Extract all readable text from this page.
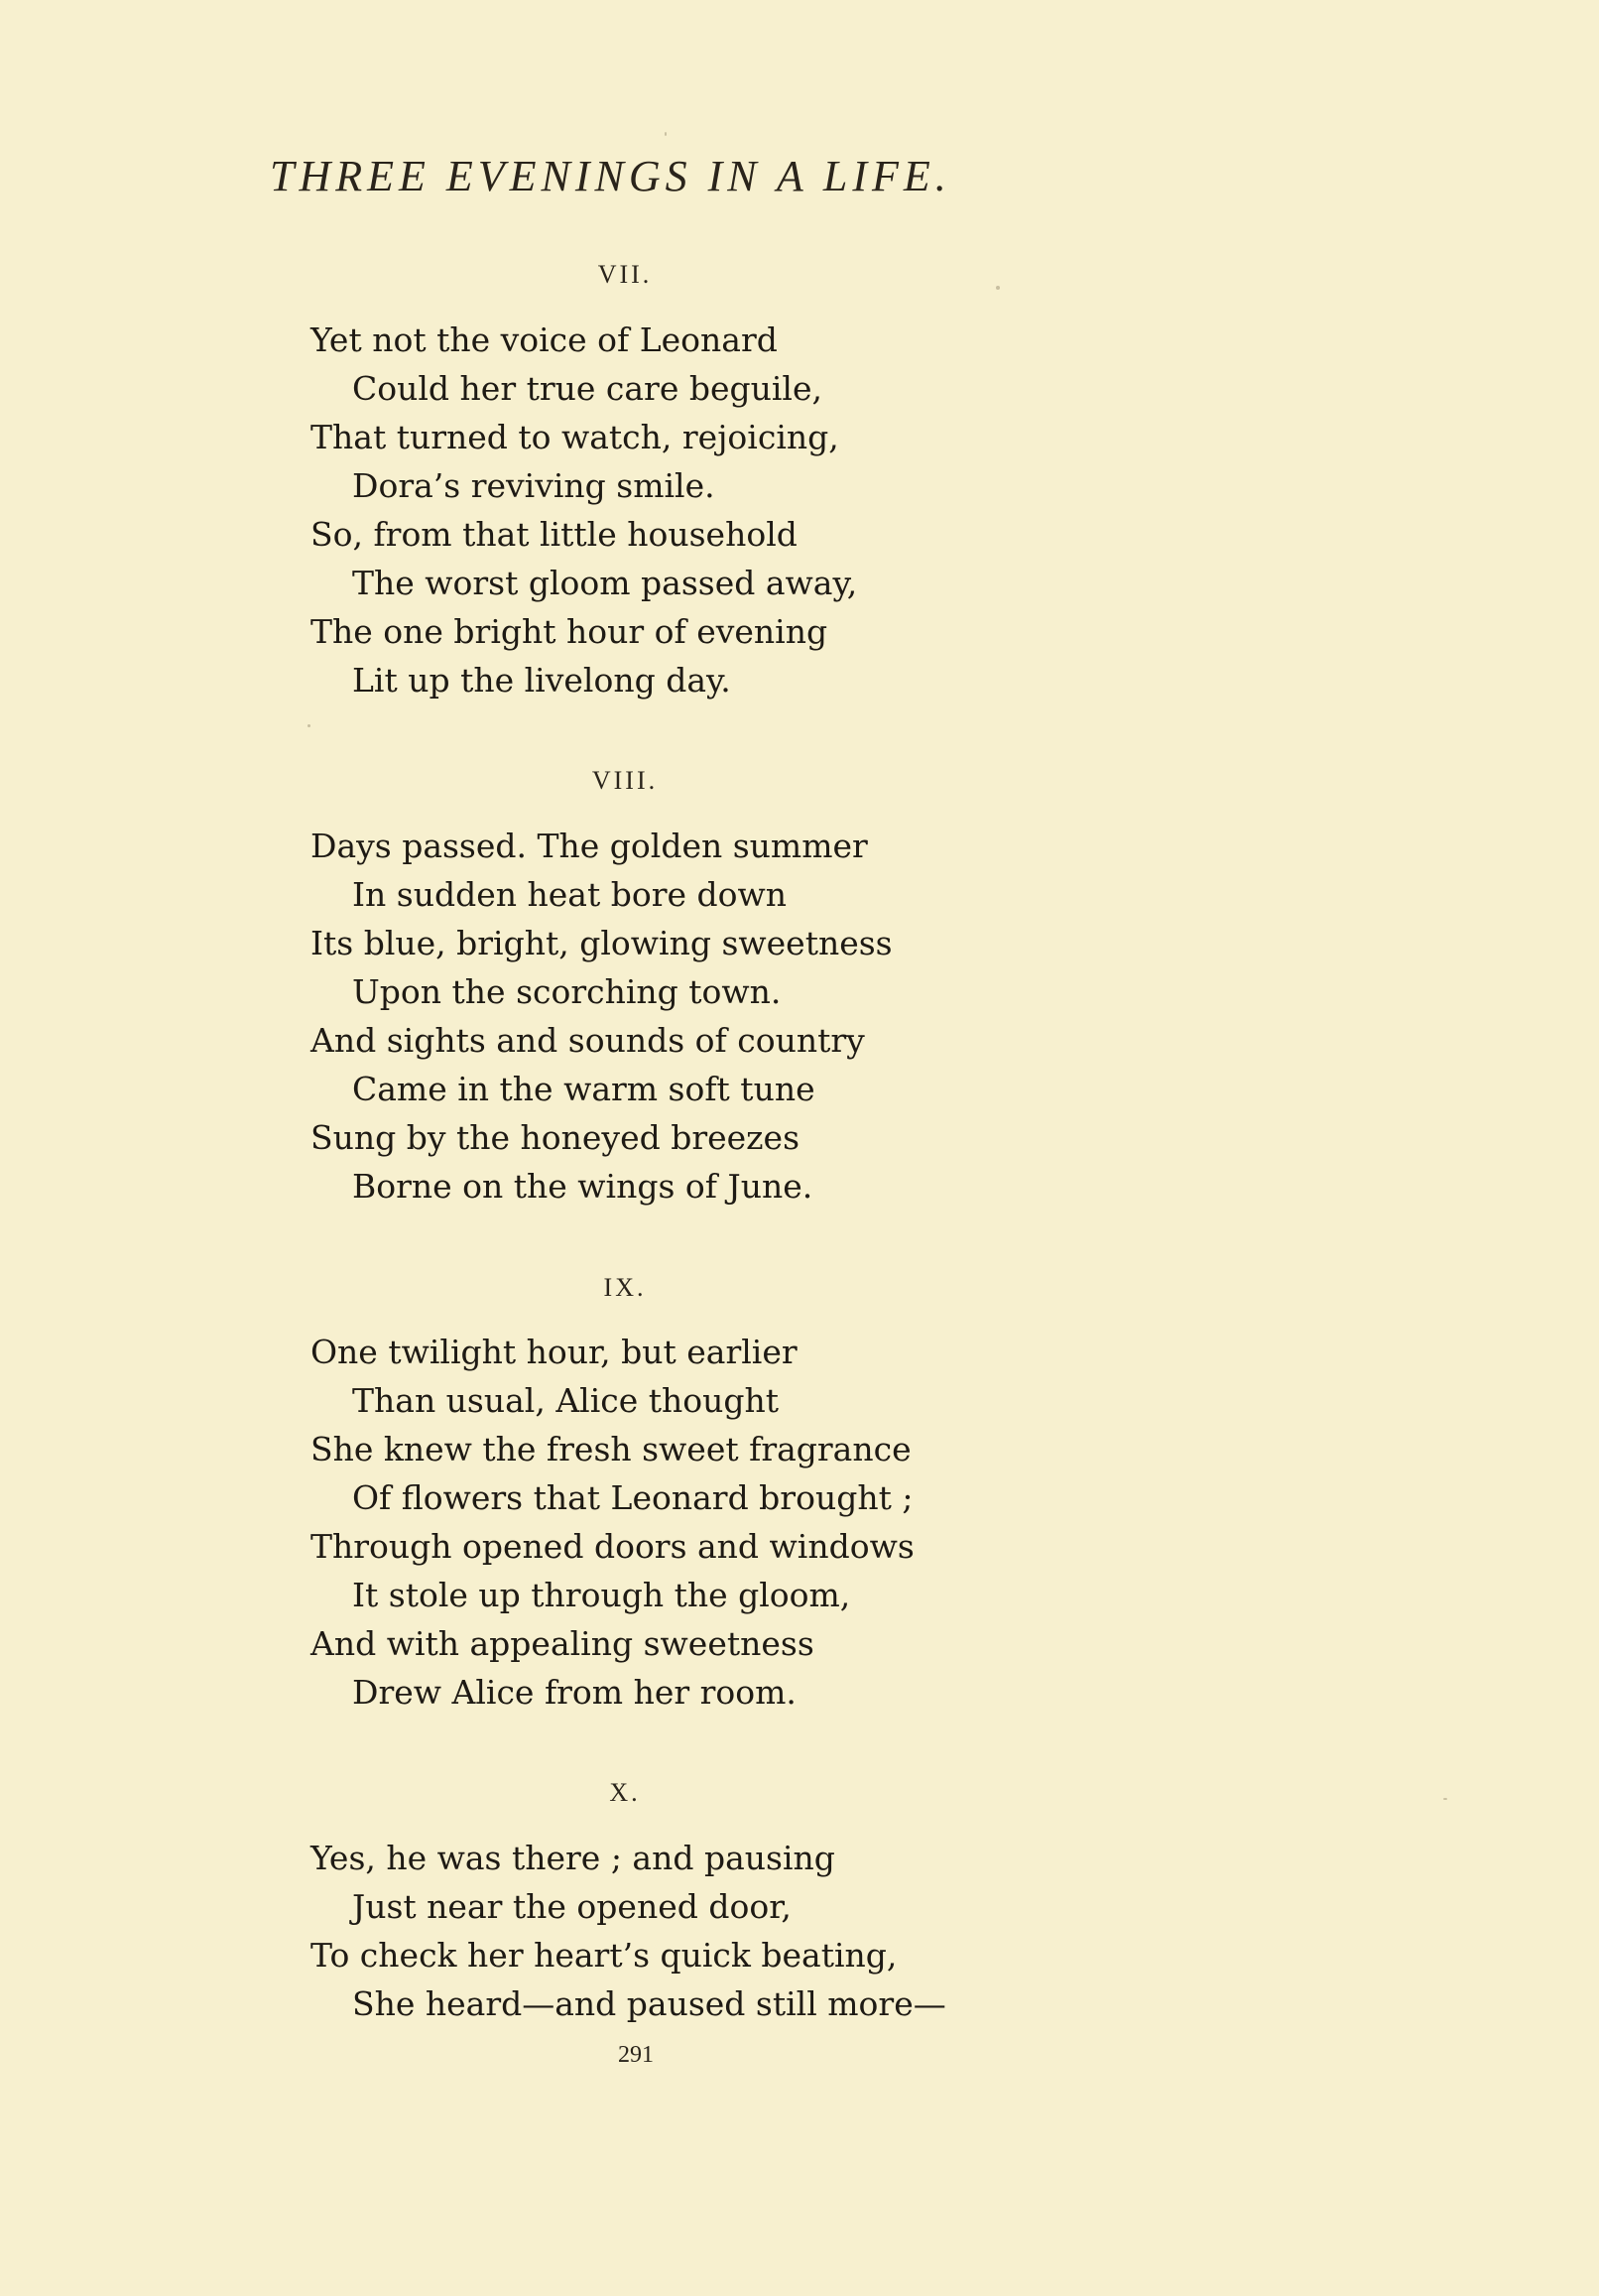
THREE EVENINGS IN A LIFE.
VII.
Yet not the voice of Leonard
Could her true care beguile,
That turned to watch, rejoicing,
Dora’s reviving smile.
So, from that little household
The worst gloom passed away,
The one bright hour of evening
Lit up the livelong day.
VIII.
Days passed. The golden summer
In sudden heat bore down
Its blue, bright, glowing sweetness
Upon the scorching town.
And sights and sounds of country
Came in the warm soft tune
Sung by the honeyed breezes
Borne on the wings of June.
IX.
One twilight hour, but earlier
Than usual, Alice thought
She knew the fresh sweet fragrance
Of flowers that Leonard brought ;
Through opened doors and windows
It stole up through the gloom,
And with appealing sweetness
Drew Alice from her room.
X.
Yes, he was there ; and pausing
Just near the opened door,
To check her heart’s quick beating,
She heard—and paused still more—
291
